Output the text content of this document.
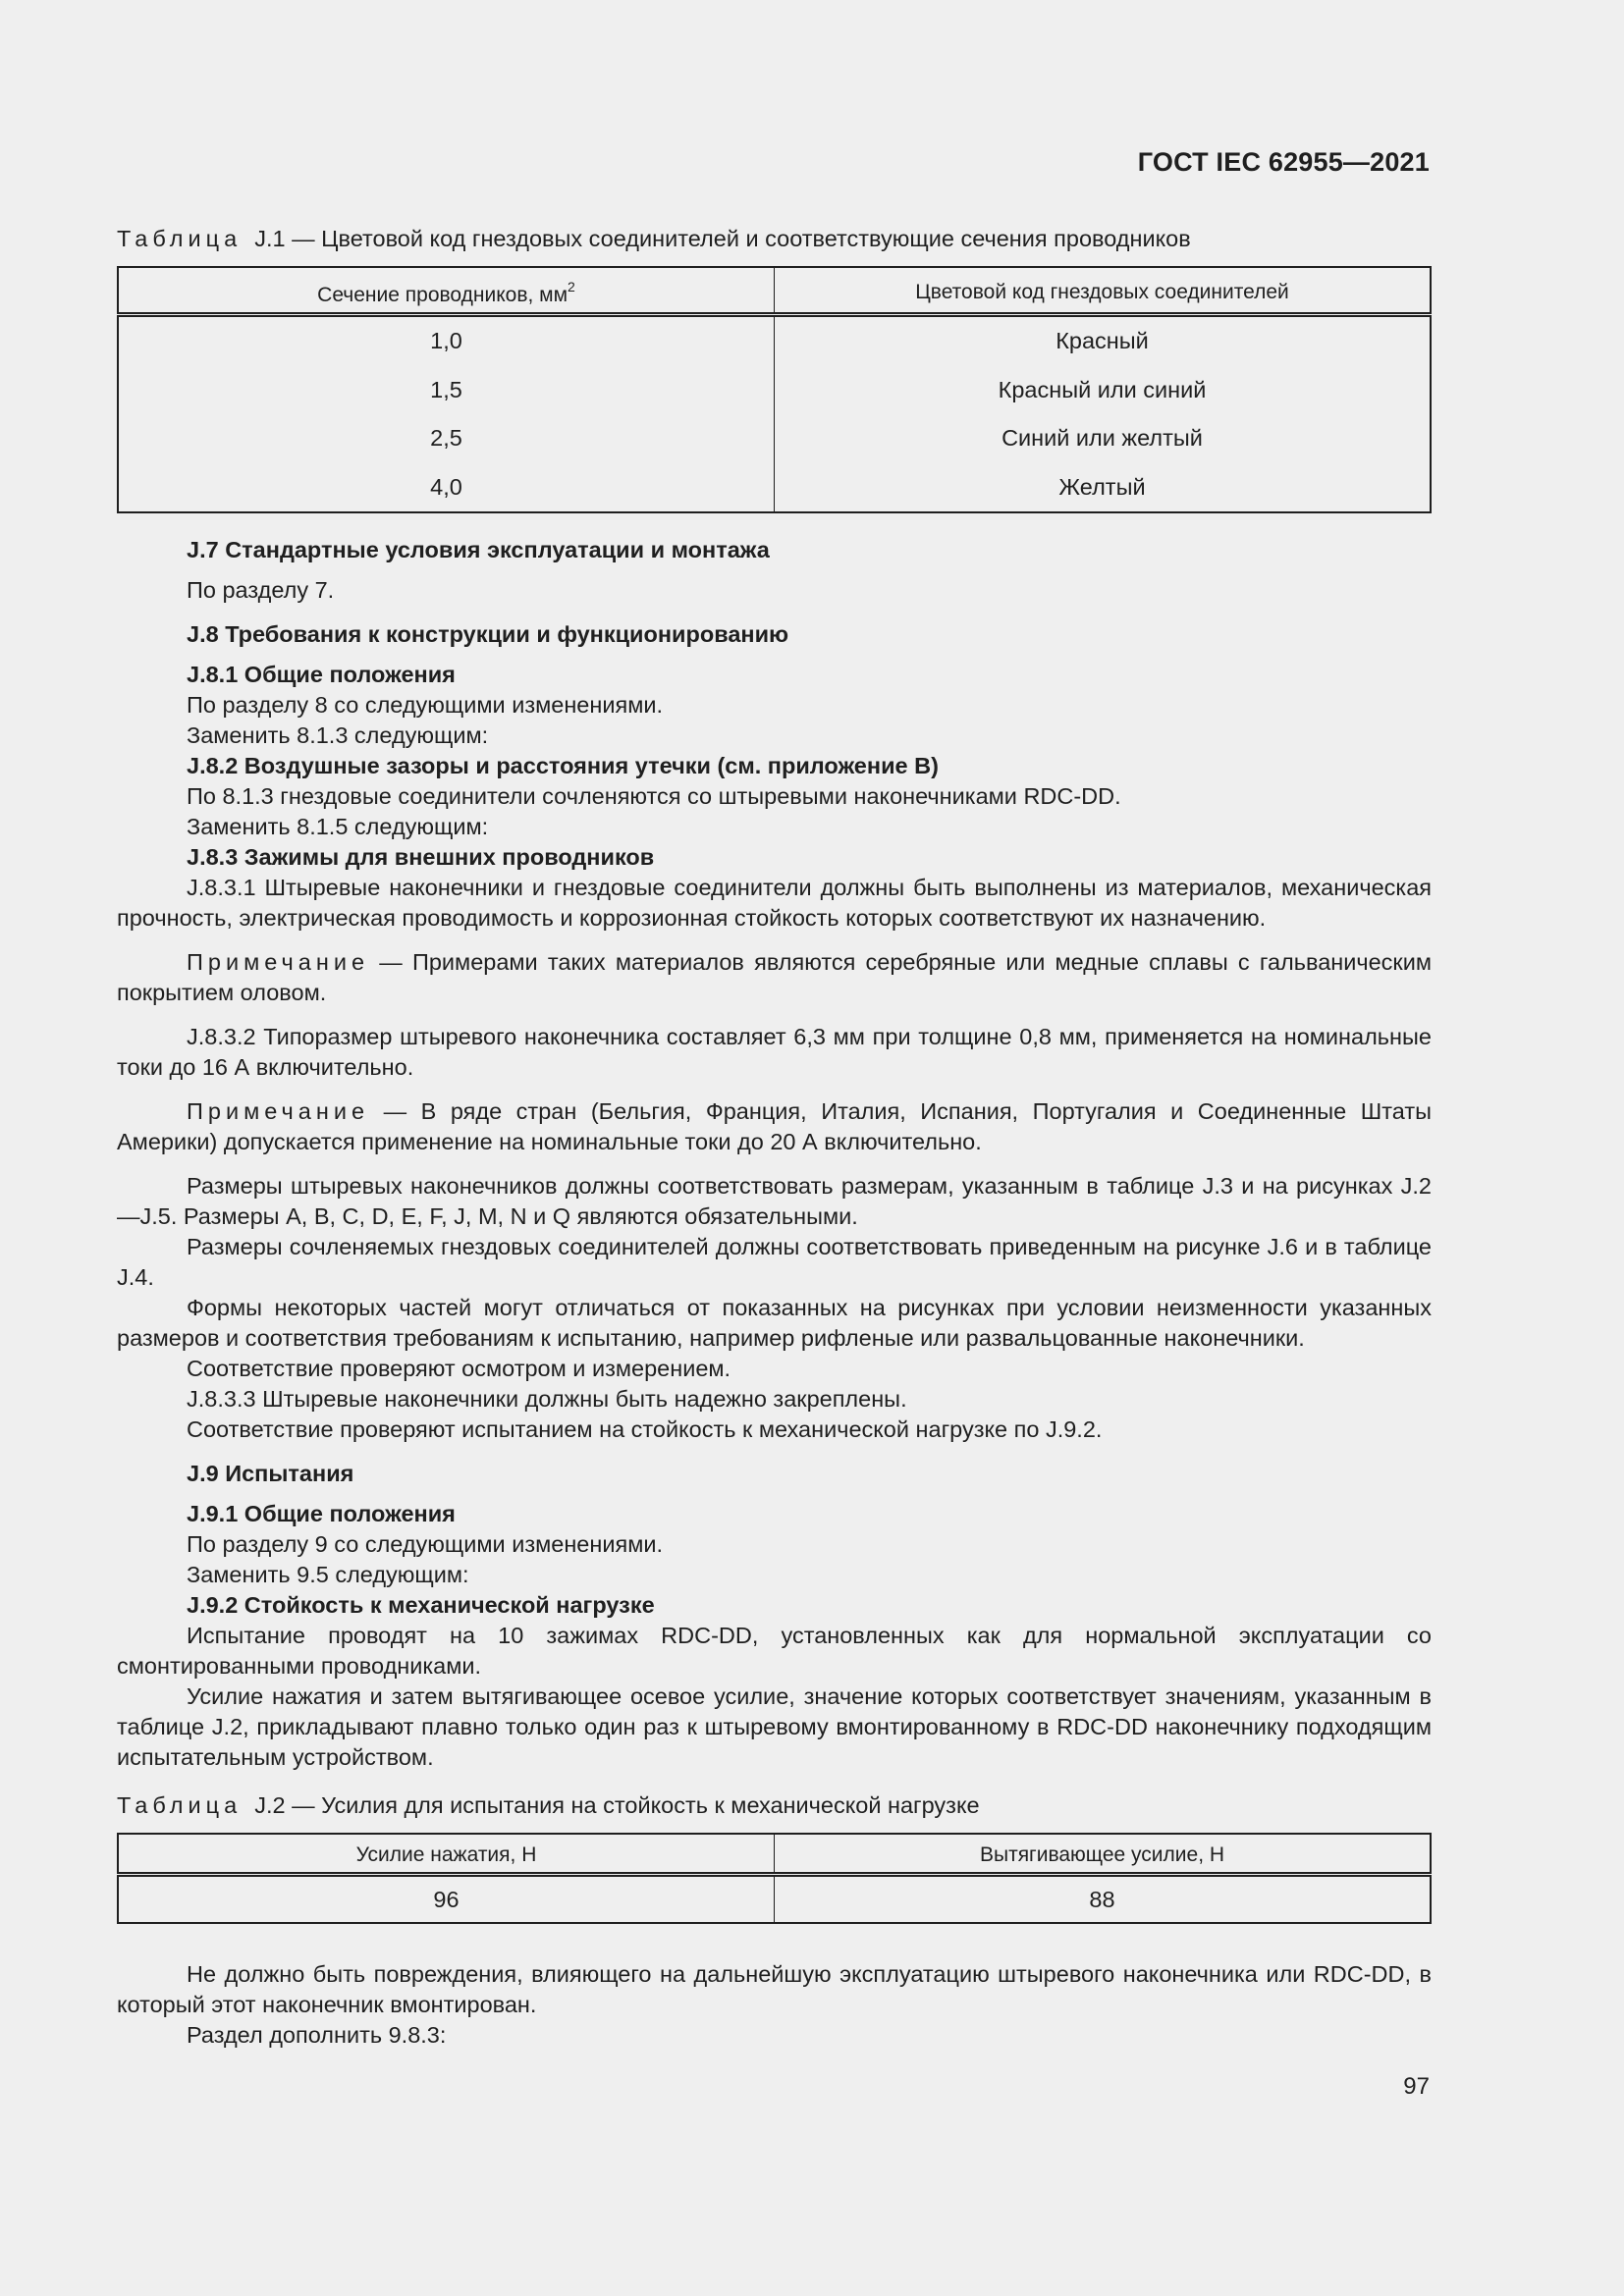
ГОСТ IEC 62955—2021

Таблица J.1 — Цветовой код гнездовых соединителей и соответствующие сечения проводников

Сечение проводников, $мм^2$	Цветовой код гнездовых соединителей
1,0	Красный
1,5	Красный или синий
2,5	Синий или желтый
4,0	Желтый

J.7 Стандартные условия эксплуатации и монтажа

По разделу 7.

J.8 Требования к конструкции и функционированию

J.8.1 Общие положения

По разделу 8 со следующими изменениями.

Заменить 8.1.3 следующим:

J.8.2 Воздушные зазоры и расстояния утечки (см. приложение В)

По 8.1.3 гнездовые соединители сочленяются со штыревыми наконечниками RDC-DD.

Заменить 8.1.5 следующим:

J.8.3 Зажимы для внешних проводников

J.8.3.1 Штыревые наконечники и гнездовые соединители должны быть выполнены из материалов, механическая прочность, электрическая проводимость и коррозионная стойкость которых соответствуют их назначению.

Примечание — Примерами таких материалов являются серебряные или медные сплавы с гальваническим покрытием оловом.

J.8.3.2 Типоразмер штыревого наконечника составляет 6,3 мм при толщине 0,8 мм, применяется на номинальные токи до 16 А включительно.

Примечание — В ряде стран (Бельгия, Франция, Италия, Испания, Португалия и Соединенные Штаты Америки) допускается применение на номинальные токи до 20 А включительно.

Размеры штыревых наконечников должны соответствовать размерам, указанным в таблице J.3 и на рисунках J.2—J.5. Размеры A, B, C, D, E, F, J, M, N и Q являются обязательными.

Размеры сочленяемых гнездовых соединителей должны соответствовать приведенным на рисунке J.6 и в таблице J.4.

Формы некоторых частей могут отличаться от показанных на рисунках при условии неизменности указанных размеров и соответствия требованиям к испытанию, например рифленые или развальцованные наконечники.

Соответствие проверяют осмотром и измерением.

J.8.3.3 Штыревые наконечники должны быть надежно закреплены.

Соответствие проверяют испытанием на стойкость к механической нагрузке по J.9.2.

J.9 Испытания

J.9.1 Общие положения

По разделу 9 со следующими изменениями.

Заменить 9.5 следующим:

J.9.2 Стойкость к механической нагрузке

Испытание проводят на 10 зажимах RDC-DD, установленных как для нормальной эксплуатации со смонтированными проводниками.

Усилие нажатия и затем вытягивающее осевое усилие, значение которых соответствует значениям, указанным в таблице J.2, прикладывают плавно только один раз к штыревому вмонтированному в RDC-DD наконечнику подходящим испытательным устройством.

Таблица J.2 — Усилия для испытания на стойкость к механической нагрузке

Усилие нажатия, Н	Вытягивающее усилие, Н
96	88

Не должно быть повреждения, влияющего на дальнейшую эксплуатацию штыревого наконечника или RDC-DD, в который этот наконечник вмонтирован.

Раздел дополнить 9.8.3:

97
